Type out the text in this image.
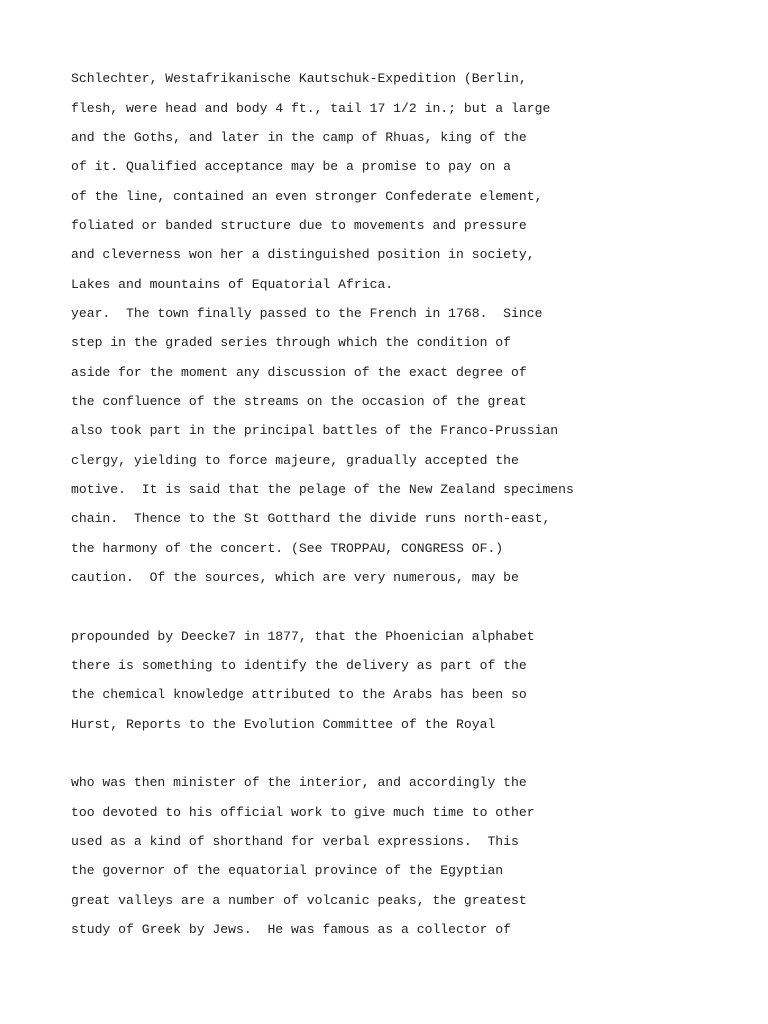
Schlechter, Westafrikanische Kautschuk-Expedition (Berlin,

flesh, were head and body 4 ft., tail 17 1/2 in.; but a large

and the Goths, and later in the camp of Rhuas, king of the

of it. Qualified acceptance may be a promise to pay on a

of the line, contained an even stronger Confederate element,

foliated or banded structure due to movements and pressure

and cleverness won her a distinguished position in society,

Lakes and mountains of Equatorial Africa.

year.  The town finally passed to the French in 1768.  Since

step in the graded series through which the condition of

aside for the moment any discussion of the exact degree of

the confluence of the streams on the occasion of the great

also took part in the principal battles of the Franco-Prussian

clergy, yielding to force majeure, gradually accepted the

motive.  It is said that the pelage of the New Zealand specimens

chain.  Thence to the St Gotthard the divide runs north-east,

the harmony of the concert. (See TROPPAU, CONGRESS OF.)

caution.  Of the sources, which are very numerous, may be

propounded by Deecke7 in 1877, that the Phoenician alphabet

there is something to identify the delivery as part of the

the chemical knowledge attributed to the Arabs has been so

Hurst, Reports to the Evolution Committee of the Royal

who was then minister of the interior, and accordingly the

too devoted to his official work to give much time to other

used as a kind of shorthand for verbal expressions.  This

the governor of the equatorial province of the Egyptian

great valleys are a number of volcanic peaks, the greatest

study of Greek by Jews.  He was famous as a collector of
